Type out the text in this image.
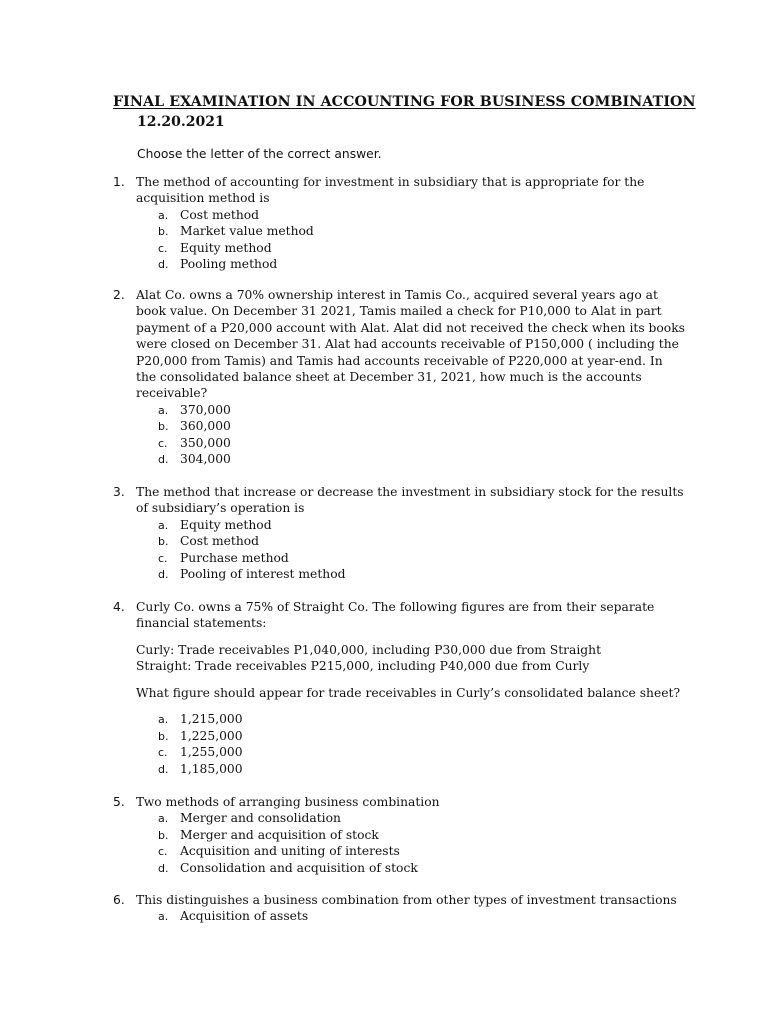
FINAL EXAMINATION IN ACCOUNTING FOR BUSINESS COMBINATION
12.20.2021
Choose the letter of the correct answer.
1. The method of accounting for investment in subsidiary that is appropriate for the
acquisition method is
a. Cost method
b. Market value method
c. Equity method
d. Pooling method
2. Alat Co. owns a 70% ownership interest in Tamis Co., acquired several years ago at
book value. On December 31 2021, Tamis mailed a check for P10,000 to Alat in part
payment of a P20,000 account with Alat. Alat did not received the check when its books
were closed on December 31. Alat had accounts receivable of P150,000 ( including the
P20,000 from Tamis) and Tamis had accounts receivable of P220,000 at year-end. In
the consolidated balance sheet at December 31, 2021, how much is the accounts
receivable?
a. 370,000
b. 360,000
c. 350,000
d. 304,000
3. The method that increase or decrease the investment in subsidiary stock for the results
of subsidiary’s operation is
a. Equity method
b. Cost method
c. Purchase method
d. Pooling of interest method
4. Curly Co. owns a 75% of Straight Co. The following figures are from their separate
financial statements:
Curly: Trade receivables P1,040,000, including P30,000 due from Straight
Straight: Trade receivables P215,000, including P40,000 due from Curly
What figure should appear for trade receivables in Curly’s consolidated balance sheet?
a. 1,215,000
b. 1,225,000
c. 1,255,000
d. 1,185,000
5. Two methods of arranging business combination
a. Merger and consolidation
b. Merger and acquisition of stock
c. Acquisition and uniting of interests
d. Consolidation and acquisition of stock
6. This distinguishes a business combination from other types of investment transactions
a. Acquisition of assets
